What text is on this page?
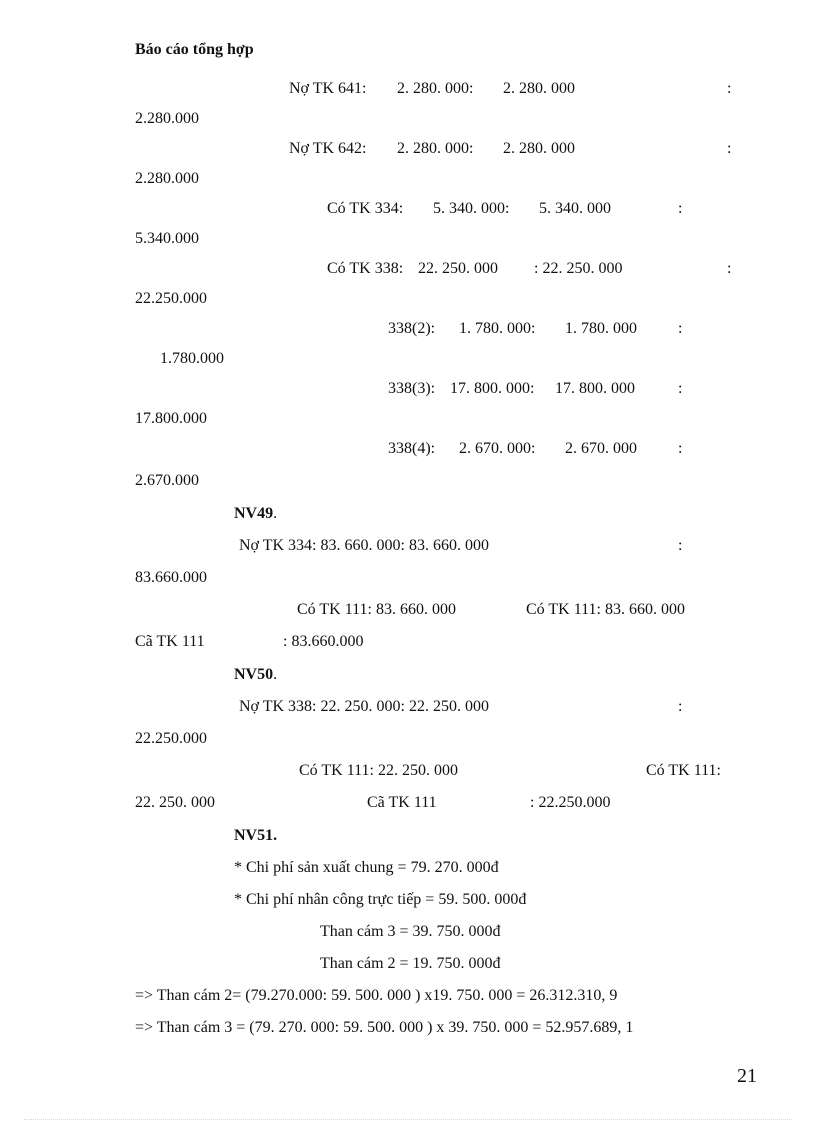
Báo cáo tổng hợp
Nợ TK 641: 2. 280. 000: 2. 280. 000	:
2.280.000
Nợ TK 642: 2. 280. 000: 2. 280. 000	:
2.280.000
Có TK 334: 5. 340. 000: 5. 340. 000	:
5.340.000
Có TK 338: 22. 250. 000 : 22. 250. 000	:
22.250.000
338(2): 1. 780. 000: 1. 780. 000	:
1.780.000
338(3): 17. 800. 000: 17. 800. 000	:
17.800.000
338(4): 2. 670. 000: 2. 670. 000	:
2.670.000
NV49.
Nợ TK 334: 83. 660. 000: 83. 660. 000	:
83.660.000
Có TK 111: 83. 660. 000	Có TK 111: 83. 660. 000
Cã TK 111	: 83.660.000
NV50.
Nợ TK 338: 22. 250. 000: 22. 250. 000	:
22.250.000
Có TK 111: 22. 250. 000	Có TK 111:
22. 250. 000	Cã TK 111	: 22.250.000
NV51.
* Chi phí sản xuất chung = 79. 270. 000đ
* Chi phí nhân công trực tiếp = 59. 500. 000đ
Than cám 3 = 39. 750. 000đ
Than cám 2 = 19. 750. 000đ
=> Than cám 2= (79.270.000: 59. 500. 000 ) x19. 750. 000 = 26.312.310, 9
=> Than cám 3 = (79. 270. 000: 59. 500. 000 ) x 39. 750. 000 = 52.957.689, 1
21
